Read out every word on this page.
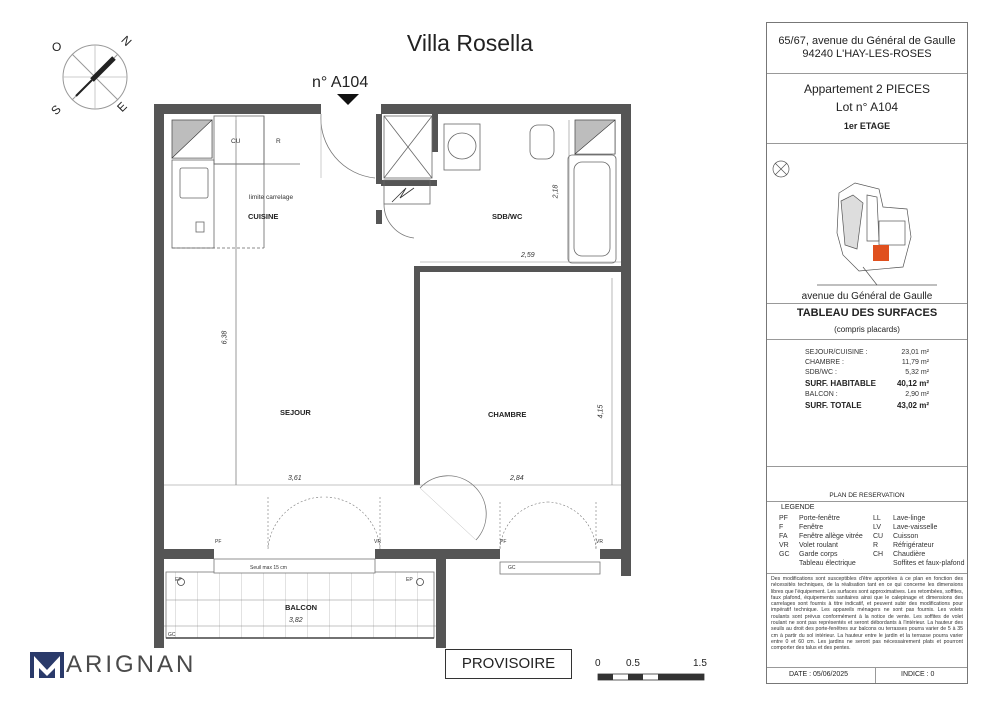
O	N
S	E
Villa Rosella
n° A104
CUISINE	SDB/WC
SEJOUR	CHAMBRE
BALCON
CU	R
limite carrelage
Seuil max 15 cm
PF	VR	PF	VR
EP	EP
GC
GC
2,18
2,59
6,38
4,15
3,61	2,84
3,82
ARIGNAN	PROVISOIRE	0	0.5	1.5
65/67, avenue du Général de Gaulle
94240 L'HAY-LES-ROSES
Appartement 2 PIECES
Lot n° A104
1er ETAGE
avenue du Général de Gaulle
TABLEAU DES SURFACES
(compris placards)
SEJOUR/CUISINE :	23,01 m²
CHAMBRE :	11,79 m²
SDB/WC :	5,32 m²
SURF. HABITABLE	40,12 m²
BALCON :	2,90 m²
SURF. TOTALE	43,02 m²
PLAN DE RESERVATION
LEGENDE
PF Porte-fenêtre
F Fenêtre
FA Fenêtre allège vitrée
VR Volet roulant
GC Garde corps
Tableau électrique
LL Lave-linge
LV Lave-vaisselle
CU Cuisson
R Réfrigérateur
CH Chaudière
Soffites et faux-plafond
Des modifications sont susceptibles d'être apportées à ce plan en fonction des nécessités techniques, de la réalisation tant en ce qui concerne les dimensions libres que l'équipement. Les surfaces sont approximatives. Les retombées, soffites, faux plafond, équipements sanitaires ainsi que le calepinage et dimensions des carrelages sont fournis à titre indicatif, et peuvent subir des modifications pour impératif technique. Les appareils ménagers ne sont pas fournis. Les volets roulants sont prévus conformément à la notice de vente. Les soffites de volet roulant ne sont pas représentés et seront débordants à l'intérieur. La hauteur des seuils au droit des porte-fenêtres sur balcons ou terrasses pourra varier de 5 à 35 cm à partir du sol intérieur. La hauteur entre le jardin et la terrasse pourra varier entre 0 et 60 cm. Les jardins ne seront pas nécessairement plats et pourront comporter des talus et des pentes.
DATE : 05/06/2025	INDICE : 0
